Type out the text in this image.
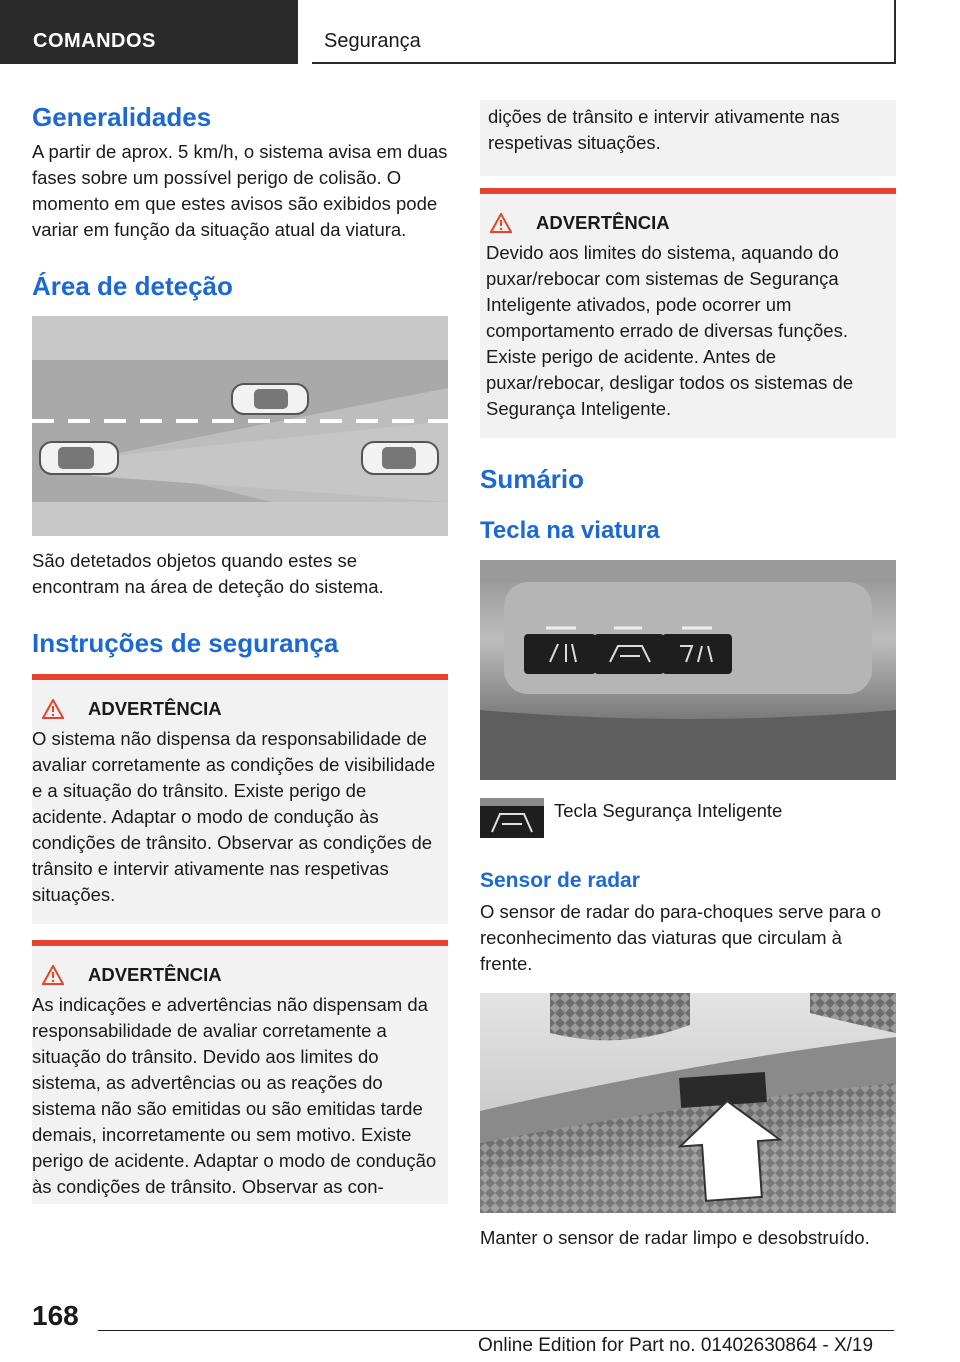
COMANDOS	Segurança
Generalidades

A partir de aprox. 5 km/h, o sistema avisa em duas fases sobre um possível perigo de colisão. O momento em que estes avisos são exibidos pode variar em função da situação atual da viatura.

Área de deteção

São detetados objetos quando estes se encontram na área de deteção do sistema.

Instruções de segurança
ADVERTÊNCIA

O sistema não dispensa da responsabilidade de avaliar corretamente as condições de visibilidade e a situação do trânsito. Existe perigo de acidente. Adaptar o modo de condução às condições de trânsito. Observar as condições de trânsito e intervir ativamente nas respetivas situações.

ADVERTÊNCIA

As indicações e advertências não dispensam da responsabilidade de avaliar corretamente a situação do trânsito. Devido aos limites do sistema, as advertências ou as reações do sistema não são emitidas ou são emitidas tarde demais, incorretamente ou sem motivo. Existe perigo de acidente. Adaptar o modo de condução às condições de trânsito. Observar as con-

dições de trânsito e intervir ativamente nas respetivas situações.

ADVERTÊNCIA

Devido aos limites do sistema, aquando do puxar/rebocar com sistemas de Segurança Inteligente ativados, pode ocorrer um comportamento errado de diversas funções. Existe perigo de acidente. Antes de puxar/rebocar, desligar todos os sistemas de Segurança Inteligente.

Sumário
Tecla na viatura
Tecla Segurança Inteligente
Sensor de radar

O sensor de radar do para-choques serve para o reconhecimento das viaturas que circulam à frente.

Manter o sensor de radar limpo e desobstruído.

168
Online Edition for Part no. 01402630864 - X/19
